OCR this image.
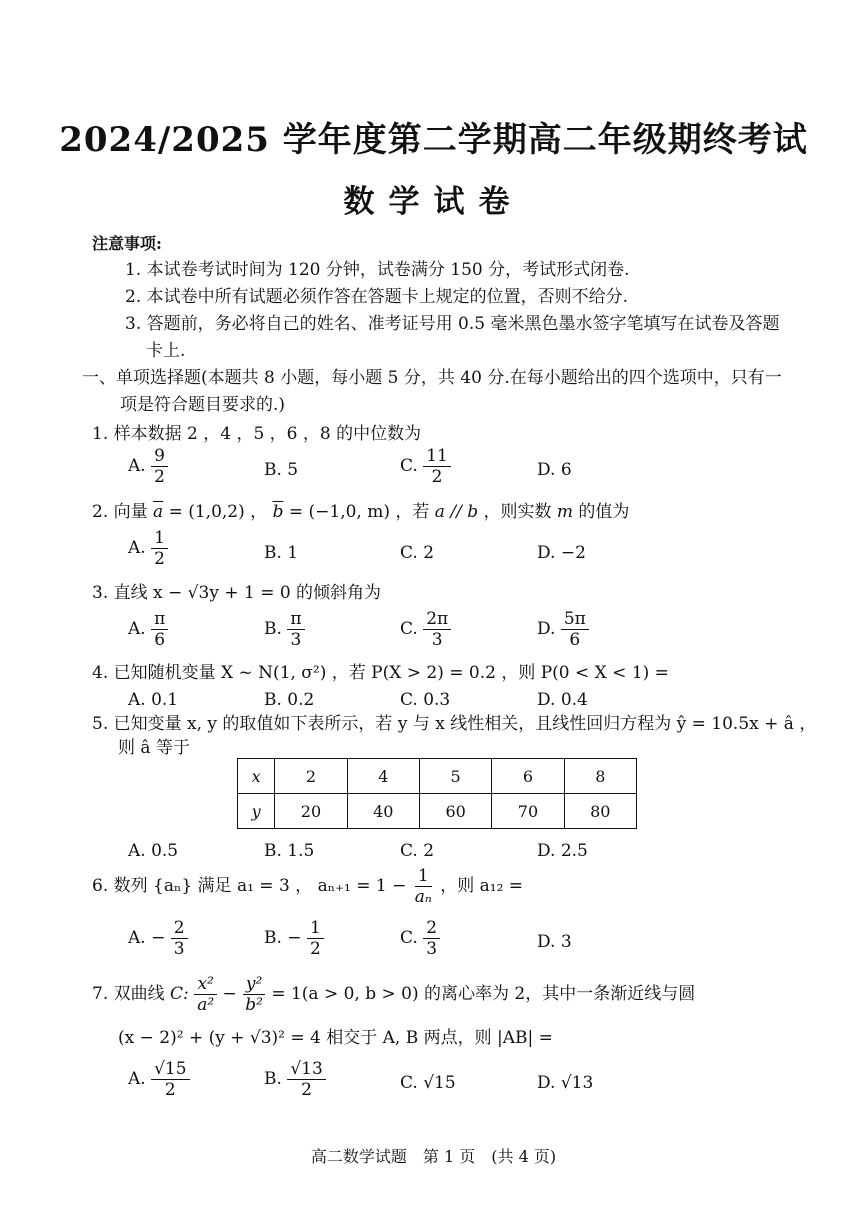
2024/2025 学年度第二学期高二年级期终考试
数学试卷
注意事项:
1. 本试卷考试时间为 120 分钟，试卷满分 150 分，考试形式闭卷.
2. 本试卷中所有试题必须作答在答题卡上规定的位置，否则不给分.
3. 答题前，务必将自己的姓名、准考证号用 0.5 毫米黑色墨水签字笔填写在试卷及答题
卡上.
一、单项选择题(本题共 8 小题，每小题 5 分，共 40 分.在每小题给出的四个选项中，只有一
项是符合题目要求的.)
1. 样本数据 2 ，4 ，5 ，6 ，8 的中位数为
A. $\frac{9}{2}$	B. 5	C. $\frac{11}{2}$	D. 6
2. 向量 $\overline{a} = (1,0,2)$ ， $\overline{b} = (-1,0$, m) ，若 a // b ，则实数 m 的值为
A. $\frac{1}{2}$	B. 1	C. 2	D. −2
3. 直线 x − √3y + 1 = 0 的倾斜角为
A. $\frac{\pi}{6}$	B. $\frac{\pi}{3}$	C. $\frac{2\pi}{3}$	D. $\frac{5\pi}{6}$
4. 已知随机变量 X ~ N(1, σ²) ，若 P(X > 2) = 0.2 ，则 P(0 < X < 1) =
A. 0.1	B. 0.2	C. 0.3	D. 0.4
5. 已知变量 x, y 的取值如下表所示，若 y 与 x 线性相关，且线性回归方程为 ŷ = 10.5x + â ，
则 â 等于
x	2	4	5	6	8
y	20	40	60	70	80
A. 0.5	B. 1.5	C. 2	D. 2.5
6. 数列 {aₙ} 满足 a₁ = 3 ， $a_{n+1} = 1 - \frac{1}{\text{aₙ}}$ ，则 a₁₂ =
A. − $\frac{2}{3}$	B. − $\frac{1}{2}$	C. $\frac{2}{3}$	D. 3
7. 双曲线 C: $\frac{\text{x²}}{\text{a²}} - \frac{\text{y²}}{\text{b²}} = 1(a > 0$, b > 0) 的离心率为 2，其中一条渐近线与圆
(x − 2)² + (y + √3)² = 4 相交于 A, B 两点，则 |AB| =
A. $\frac{√15}{2}$	B. $\frac{√13}{2}$	C. √15	D. √13
高二数学试题　第 1 页　(共 4 页)
